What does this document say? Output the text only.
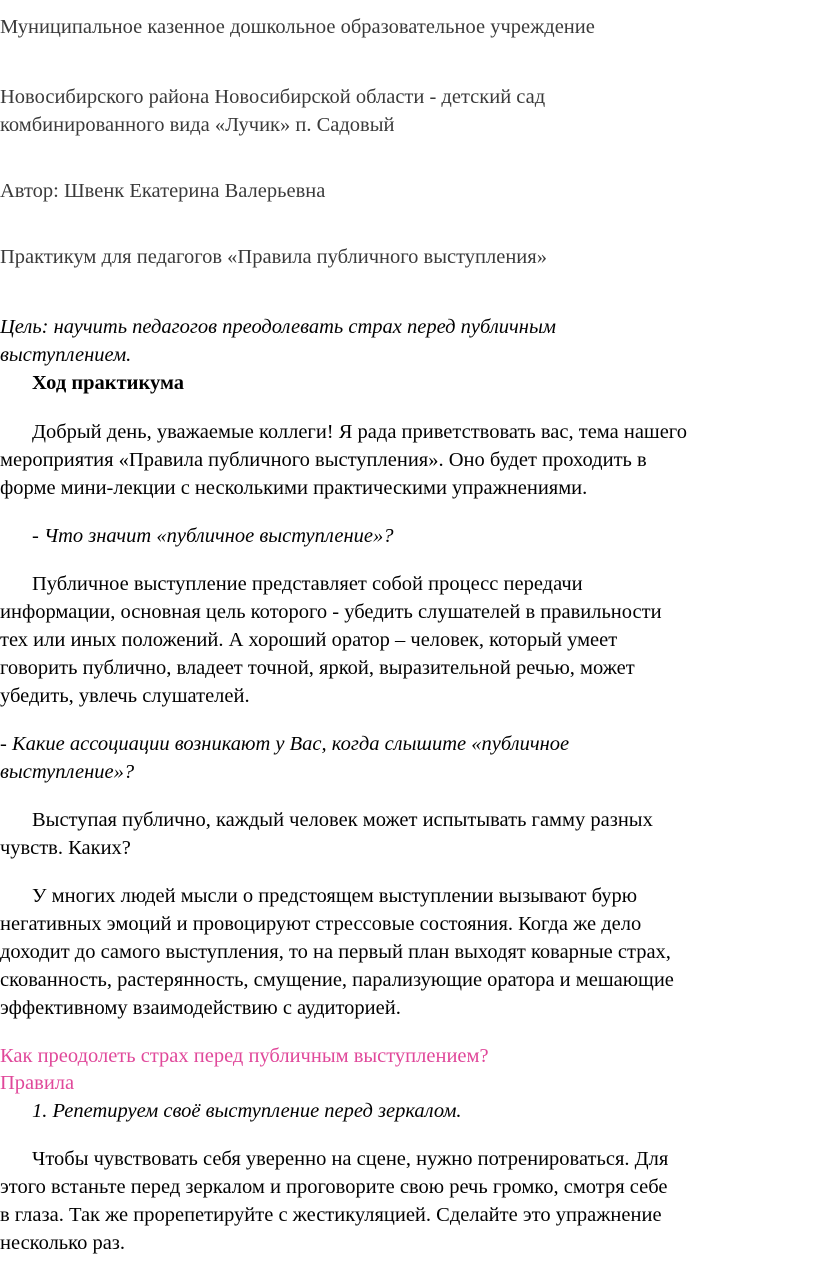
Муниципальное казенное дошкольное образовательное учреждение
Новосибирского района Новосибирской области - детский сад
комбинированного вида «Лучик» п. Садовый
Автор: Швенк Екатерина Валерьевна
Практикум для педагогов «Правила публичного выступления»
Цель: научить педагогов преодолевать страх перед публичным
выступлением.
Ход практикума
Добрый день, уважаемые коллеги! Я рада приветствовать вас, тема нашего
мероприятия «Правила публичного выступления». Оно будет проходить в
форме мини-лекции с несколькими практическими упражнениями.
- Что значит «публичное выступление»?
Публичное выступление представляет собой процесс передачи
информации, основная цель которого - убедить слушателей в правильности
тех или иных положений. А хороший оратор – человек, который умеет
говорить публично, владеет точной, яркой, выразительной речью, может
убедить, увлечь слушателей.
- Какие ассоциации возникают у Вас, когда слышите «публичное
выступление»?
Выступая публично, каждый человек может испытывать гамму разных
чувств. Каких?
У многих людей мысли о предстоящем выступлении вызывают бурю
негативных эмоций и провоцируют стрессовые состояния. Когда же дело
доходит до самого выступления, то на первый план выходят коварные страх,
скованность, растерянность, смущение, парализующие оратора и мешающие
эффективному взаимодействию с аудиторией.
Как преодолеть страх перед публичным выступлением?
Правила
1. Репетируем своё выступление перед зеркалом.
Чтобы чувствовать себя уверенно на сцене, нужно потренироваться. Для
этого встаньте перед зеркалом и проговорите свою речь громко, смотря себе
в глаза. Так же прорепетируйте с жестикуляцией. Сделайте это упражнение
несколько раз.
